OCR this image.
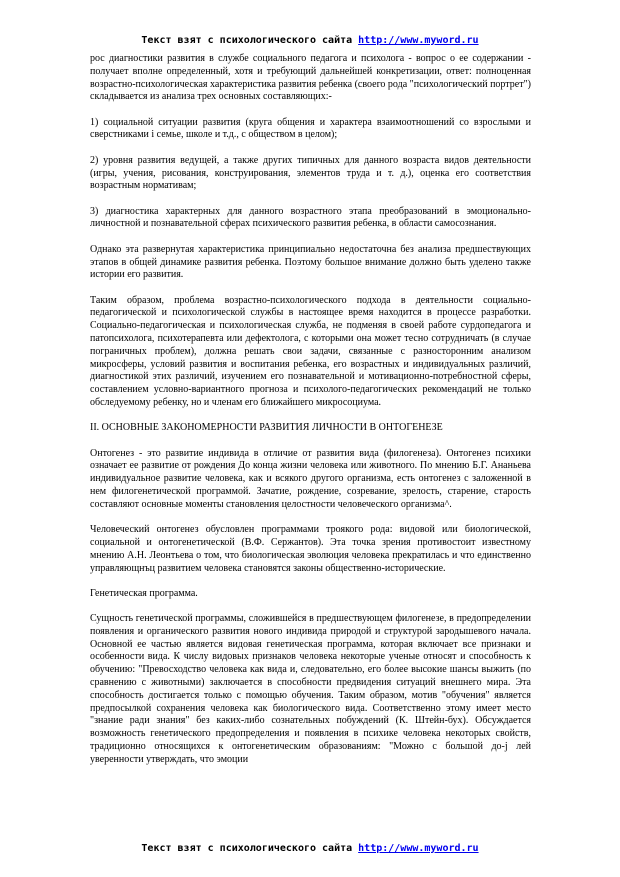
Текст взят с психологического сайта http://www.myword.ru

рос диагностики развития в службе социального педагога и психолога - вопрос о ее содержании - получает вполне определенный, хотя и требующий дальнейшей конкретизации, ответ: полноценная возрастно-психологическая характеристика развития ребенка (своего рода "психологический портрет") складывается из анализа трех основных составляющих:-

1) социальной ситуации развития (круга общения и характера взаимоотношений со взрослыми и сверстниками і семье, школе и т.д., с обществом в целом);

2) уровня развития ведущей, а также других типичных для данного возраста видов деятельности (игры, учения, рисования, конструирования, элементов труда и т. д.), оценка его соответствия возрастным нормативам;

3) диагностика характерных для данного возрастного этапа преобразований в эмоционально-личностной и познавательной сферах психического развития ребенка, в области самосознания.

Однако эта развернутая характеристика принципиально недостаточна без анализа предшествующих этапов в общей динамике развития ребенка. Поэтому большое внимание должно быть уделено также истории его развития.

Таким образом, проблема возрастно-психологического подхода в деятельности социально-педагогической и психологической службы в настоящее время находится в процессе разработки. Социально-педагогическая и психологическая служба, не подменяя в своей работе сурдопедагога и патопсихолога, психотерапевта или дефектолога, с которыми она может тесно сотрудничать (в случае пограничных проблем), должна решать свои задачи, связанные с разносторонним анализом микросферы, условий развития и воспитания ребенка, его возрастных и индивидуальных различий, диагностикой этих различий, изучением его познавательной и мотивационно-потребностной сферы, составлением условно-вариантного прогноза и психолого-педагогических рекомендаций не только обследуемому ребенку, но и членам его ближайшего микросоциума.

II. ОСНОВНЫЕ ЗАКОНОМЕРНОСТИ РАЗВИТИЯ ЛИЧНОСТИ В ОНТОГЕНЕЗЕ

Онтогенез - это развитие индивида в отличие от развития вида (филогенеза). Онтогенез психики означает ее развитие от рождения До конца жизни человека или животного. По мнению Б.Г. Ананьева индивидуальное развитие человека, как и всякого другого организма, есть онтогенез с заложенной в нем филогенетической программой. Зачатие, рождение, созревание, зрелость, старение, старость составляют основные моменты становления целостности человеческого организма^.

Человеческий онтогенез обусловлен программами троякого рода: видовой или биологической, социальной и онтогенетической (В.Ф. Сержантов). Эта точка зрения противостоит известному мнению А.Н. Леонтьева о том, что биологическая эволюция человека прекратилась и что единственно управляющнъц развитием человека становятся законы общественно-исторические.

Генетическая программа.

Сущность генетической программы, сложившейся в предшествующем филогенезе, в предопределении появления и органического развития нового индивида природой и структурой зародышевого начала. Основной ее частью является видовая генетическая программа, которая включает все признаки и особенности вида. К числу видовых признаков человека некоторые ученые относят и способность к обучению: "Превосходство человека как вида и, следовательно, его более высокие шансы выжить (по сравнению с животными) заключается в способности предвидения ситуаций внешнего мира. Эта способность достигается только с помощью обучения. Таким образом, мотив "обучения" является предпосылкой сохранения человека как биологического вида. Соответственно этому имеет место "знание ради знания" без каких-либо сознательных побуждений (К. Штейн-бух). Обсуждается возможность генетического предопределения и появления в психике человека некоторых свойств, традиционно относящихся к онтогенетическим образованиям: "Можно с большой до-j лей уверенности утверждать, что эмоции

Текст взят с психологического сайта http://www.myword.ru
